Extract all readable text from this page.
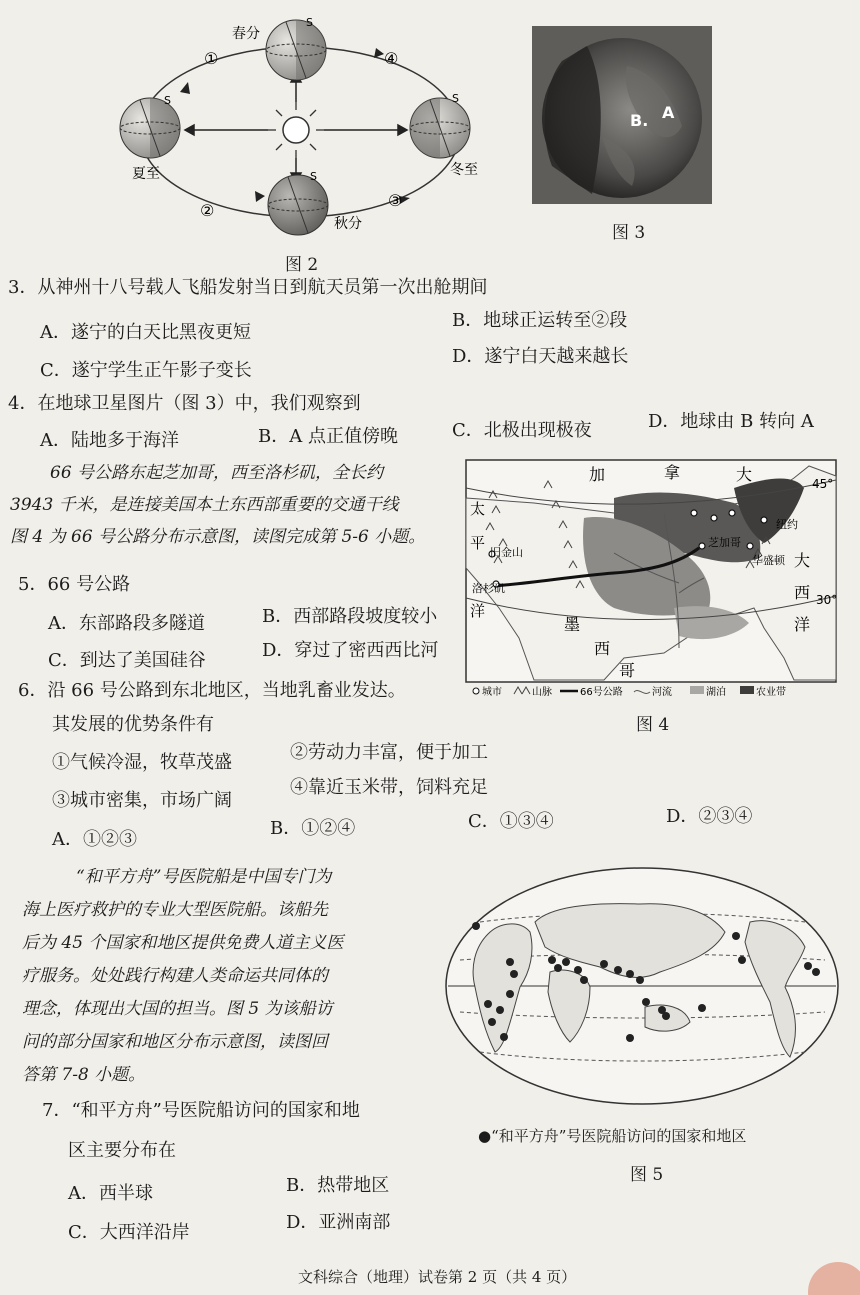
S
S
S
S
春分
夏至
秋分
冬至
①
②
③
④
图 2
B. A
图 3
3．从神州十八号载人飞船发射当日到航天员第一次出舱期间
A．遂宁的白天比黑夜更短
B．地球正运转至②段
C．遂宁学生正午影子变长
D．遂宁白天越来越长
4．在地球卫星图片（图 3）中，我们观察到
A．陆地多于海洋	B．A 点正值傍晚	C．北极出现极夜	D．地球由 B 转向 A
66 号公路东起芝加哥，西至洛杉矶，全长约
3943 千米，是连接美国本土东西部重要的交通干线
图 4 为 66 号公路分布示意图，读图完成第 5-6 小题。
5．66 号公路
A．东部路段多隧道	B．西部路段坡度较小
C．到达了美国硅谷	D．穿过了密西西比河
加	拿	大
墨
西
哥
太
平
洋
大
西
洋
旧金山
洛杉矶
芝加哥
纽约
华盛顿
45°
30°
城市	山脉	66号公路	河流	湖泊	农业带
图 4
6．沿 66 号公路到东北地区，当地乳畜业发达。
其发展的优势条件有
①气候冷湿，牧草茂盛	②劳动力丰富，便于加工
③城市密集，市场广阔
④靠近玉米带，饲料充足
A．①②③
B．①②④	C．①③④	D．②③④
“和平方舟”号医院船是中国专门为
海上医疗救护的专业大型医院船。该船先
后为 45 个国家和地区提供免费人道主义医
疗服务。处处践行构建人类命运共同体的
理念，体现出大国的担当。图 5 为该船访
问的部分国家和地区分布示意图，读图回
答第 7-8 小题。
●“和平方舟”号医院船访问的国家和地区
图 5
7．“和平方舟”号医院船访问的国家和地
区主要分布在
A．西半球	B．热带地区
C．大西洋沿岸	D．亚洲南部
文科综合（地理）试卷第 2 页（共 4 页）
